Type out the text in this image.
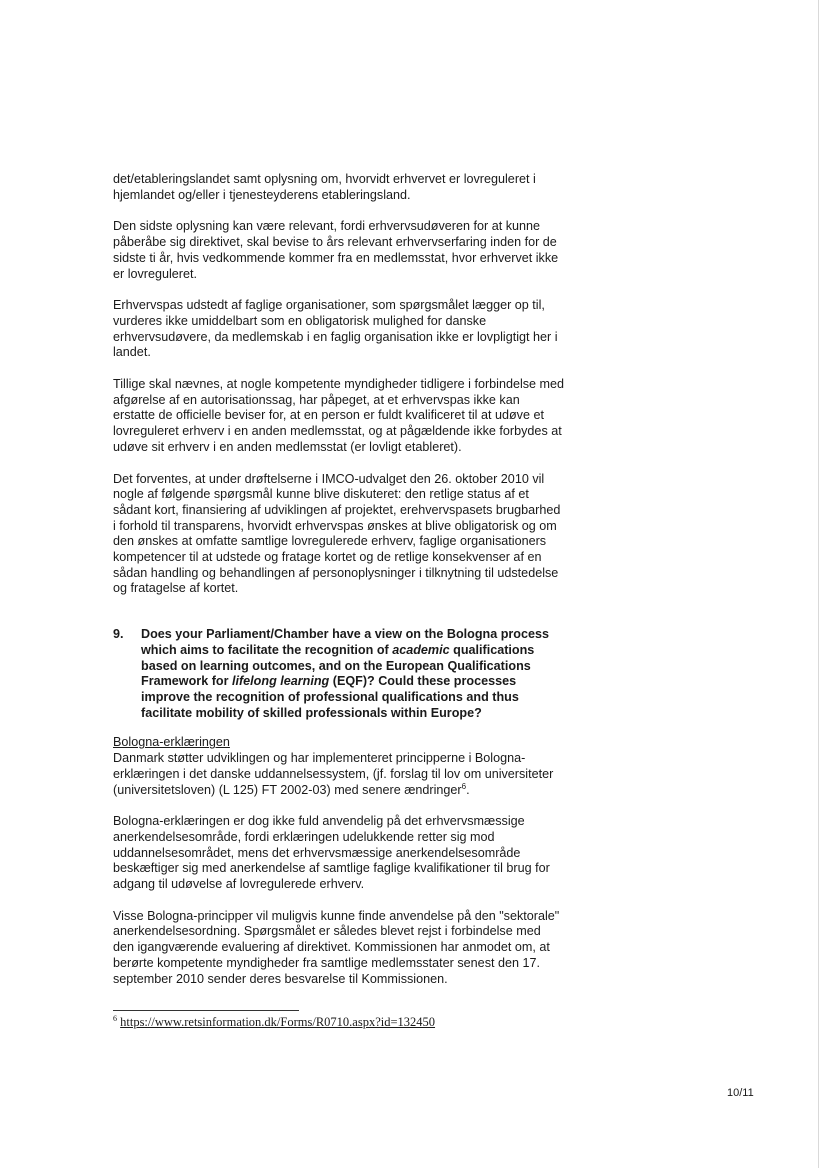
det/etableringslandet samt oplysning om, hvorvidt erhvervet er lovreguleret i hjemlandet og/eller i tjenesteyderens etableringsland.

Den sidste oplysning kan være relevant, fordi erhvervsudøveren for at kunne påberåbe sig direktivet, skal bevise to års relevant erhvervserfaring inden for de sidste ti år, hvis vedkommende kommer fra en medlemsstat, hvor erhvervet ikke er lovreguleret.

Erhvervspas udstedt af faglige organisationer, som spørgsmålet lægger op til, vurderes ikke umiddelbart som en obligatorisk mulighed for danske erhvervsudøvere, da medlemskab i en faglig organisation ikke er lovpligtigt her i landet.

Tillige skal nævnes, at nogle kompetente myndigheder tidligere i forbindelse med afgørelse af en autorisationssag, har påpeget, at et erhvervspas ikke kan erstatte de officielle beviser for, at en person er fuldt kvalificeret til at udøve et lovreguleret erhverv i en anden medlemsstat, og at pågældende ikke forbydes at udøve sit erhverv i en anden medlemsstat (er lovligt etableret).

Det forventes, at under drøftelserne i IMCO-udvalget den 26. oktober 2010 vil nogle af følgende spørgsmål kunne blive diskuteret: den retlige status af et sådant kort, finansiering af udviklingen af projektet, erehvervspasets brugbarhed i forhold til transparens, hvorvidt erhvervspas ønskes at blive obligatorisk og om den ønskes at omfatte samtlige lovregulerede erhverv, faglige organisationers kompetencer til at udstede og fratage kortet og de retlige konsekvenser af en sådan handling og behandlingen af personoplysninger i tilknytning til udstedelse og fratagelse af kortet.

9.	Does your Parliament/Chamber have a view on the Bologna process which aims to facilitate the recognition of academic qualifications based on learning outcomes, and on the European Qualifications Framework for lifelong learning (EQF)? Could these processes improve the recognition of professional qualifications and thus facilitate mobility of skilled professionals within Europe?

Bologna-erklæringen
Danmark støtter udviklingen og har implementeret principperne i Bologna-erklæringen i det danske uddannelsessystem, (jf. forslag til lov om universiteter (universitetsloven) (L 125) FT 2002-03) med senere ændringer$^6$.

Bologna-erklæringen er dog ikke fuld anvendelig på det erhvervsmæssige anerkendelsesområde, fordi erklæringen udelukkende retter sig mod uddannelsesområdet, mens det erhvervsmæssige anerkendelsesområde beskæftiger sig med anerkendelse af samtlige faglige kvalifikationer til brug for adgang til udøvelse af lovregulerede erhverv.

Visse Bologna-principper vil muligvis kunne finde anvendelse på den "sektorale" anerkendelsesordning. Spørgsmålet er således blevet rejst i forbindelse med den igangværende evaluering af direktivet. Kommissionen har anmodet om, at berørte kompetente myndigheder fra samtlige medlemsstater senest den 17. september 2010 sender deres besvarelse til Kommissionen.

$^6$ https://www.retsinformation.dk/Forms/R0710.aspx?id=132450
10/11
